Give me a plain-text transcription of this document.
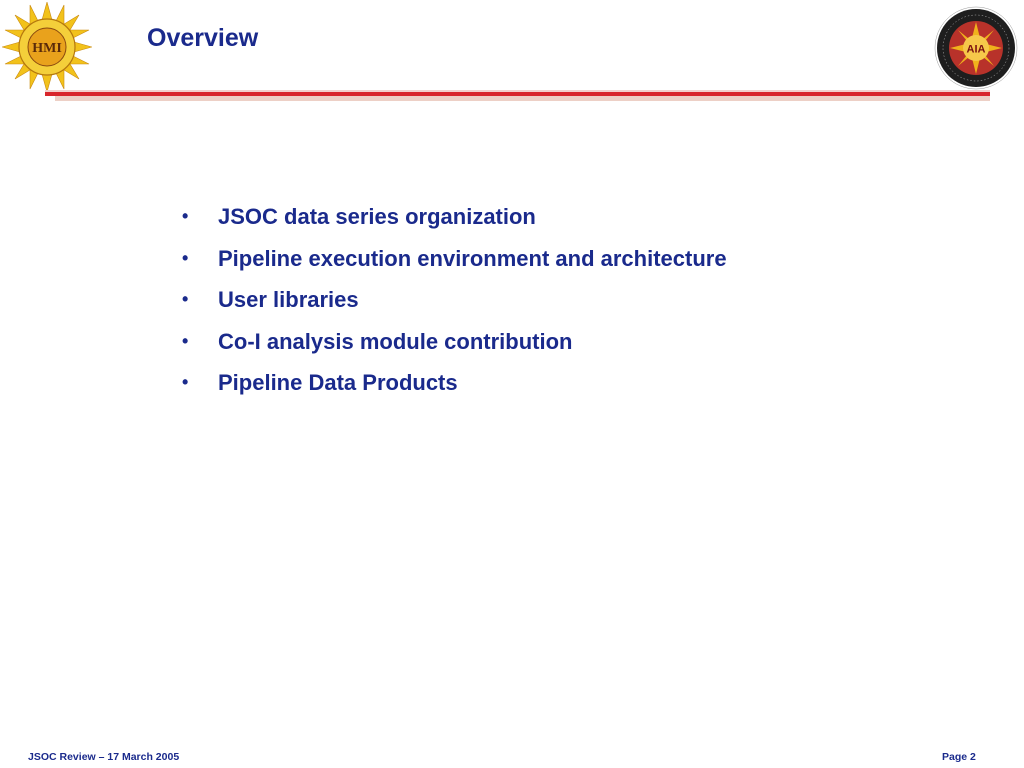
HMI	Overview	AIA
• JSOC data series organization
• Pipeline execution environment and architecture
• User libraries
• Co-I analysis module contribution
• Pipeline Data Products
JSOC Review – 17 March 2005	Page 2
